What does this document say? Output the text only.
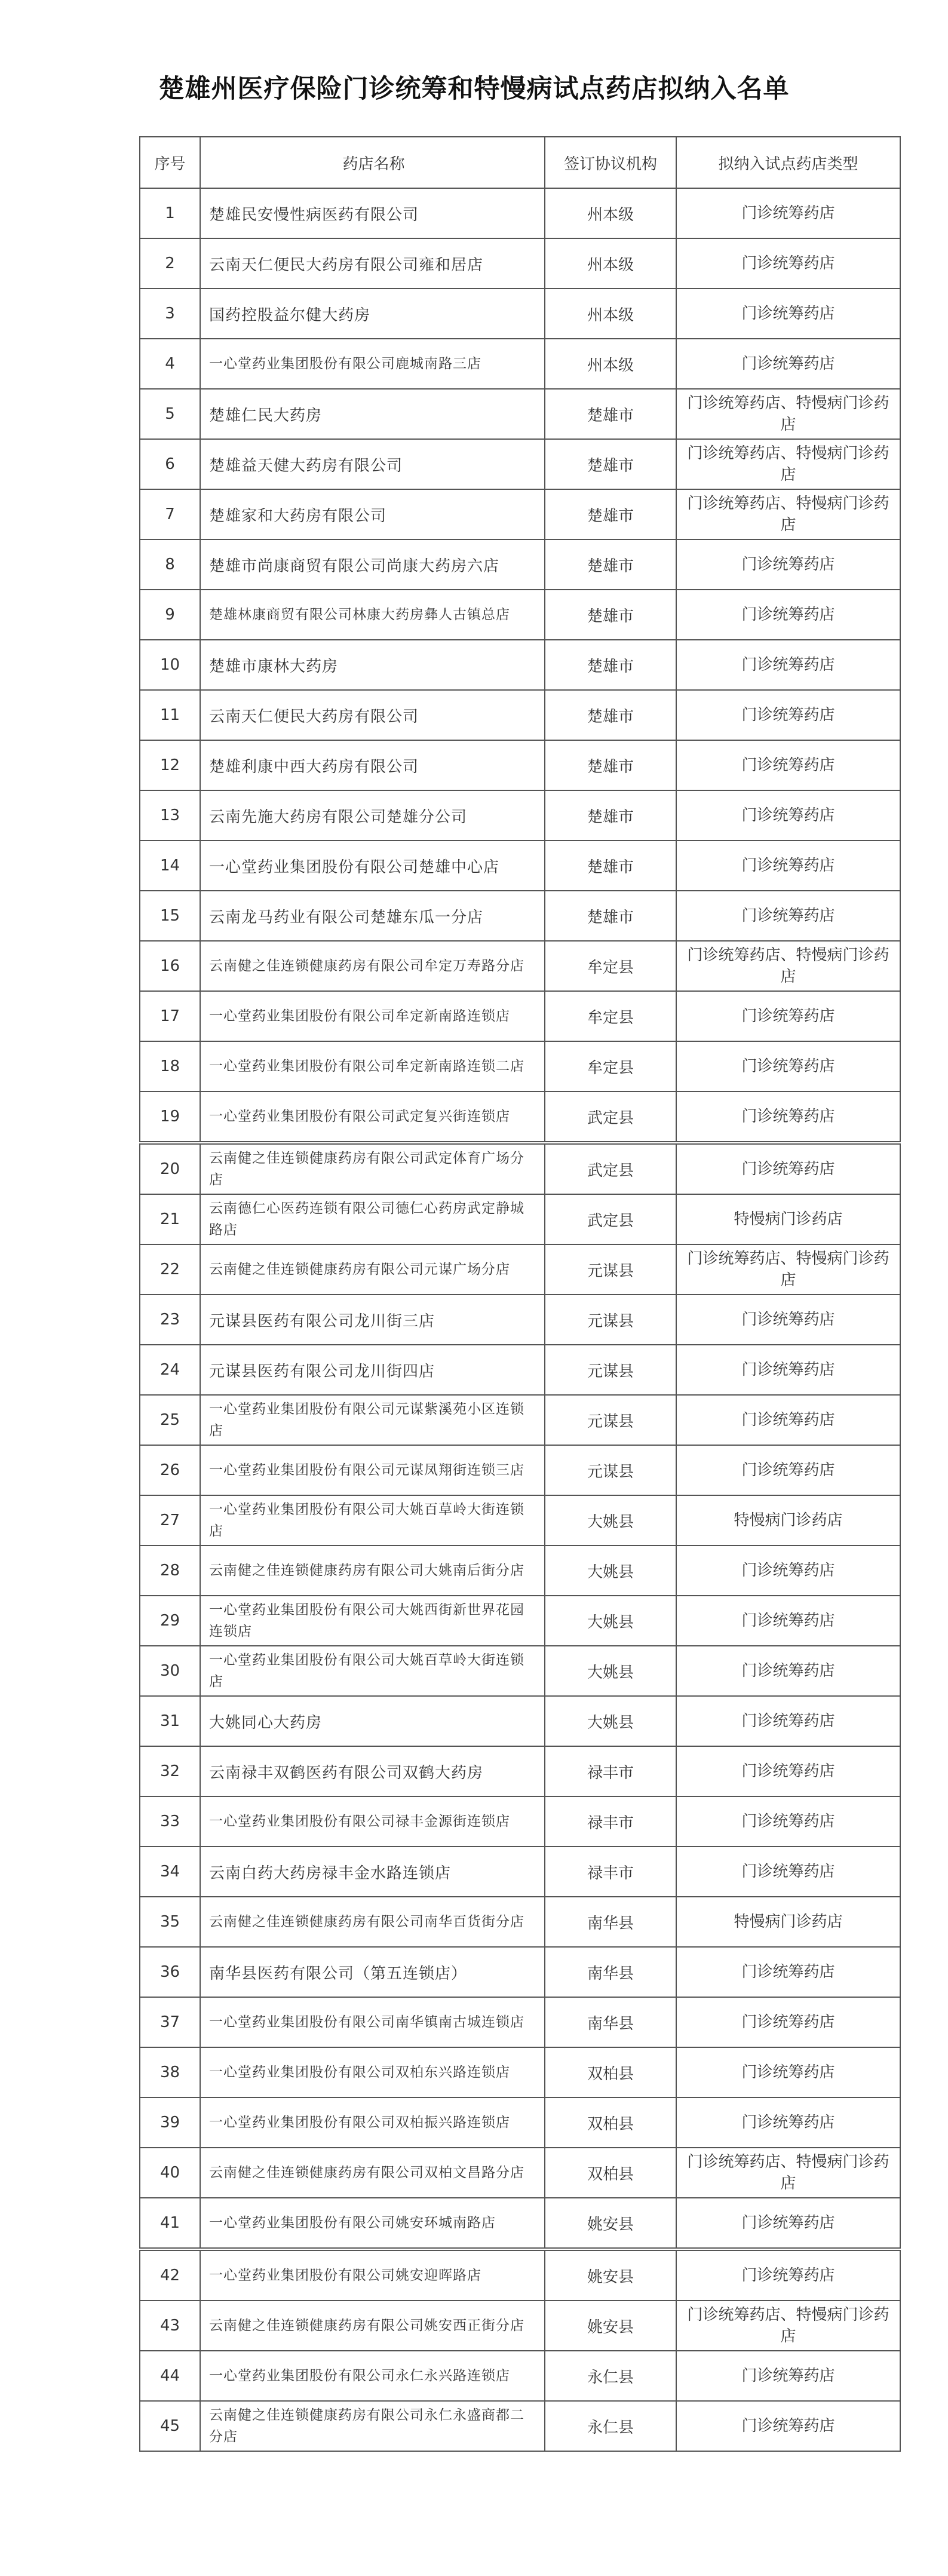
楚雄州医疗保险门诊统筹和特慢病试点药店拟纳入名单
序号	药店名称	签订协议机构	拟纳入试点药店类型
1	楚雄民安慢性病医药有限公司	州本级	门诊统筹药店
2	云南天仁便民大药房有限公司雍和居店	州本级	门诊统筹药店
3	国药控股益尔健大药房	州本级	门诊统筹药店
4	一心堂药业集团股份有限公司鹿城南路三店	州本级	门诊统筹药店
5	楚雄仁民大药房	楚雄市	门诊统筹药店、特慢病门诊药店
6	楚雄益天健大药房有限公司	楚雄市	门诊统筹药店、特慢病门诊药店
7	楚雄家和大药房有限公司	楚雄市	门诊统筹药店、特慢病门诊药店
8	楚雄市尚康商贸有限公司尚康大药房六店	楚雄市	门诊统筹药店
9	楚雄林康商贸有限公司林康大药房彝人古镇总店	楚雄市	门诊统筹药店
10	楚雄市康林大药房	楚雄市	门诊统筹药店
11	云南天仁便民大药房有限公司	楚雄市	门诊统筹药店
12	楚雄利康中西大药房有限公司	楚雄市	门诊统筹药店
13	云南先施大药房有限公司楚雄分公司	楚雄市	门诊统筹药店
14	一心堂药业集团股份有限公司楚雄中心店	楚雄市	门诊统筹药店
15	云南龙马药业有限公司楚雄东瓜一分店	楚雄市	门诊统筹药店
16	云南健之佳连锁健康药房有限公司牟定万寿路分店	牟定县	门诊统筹药店、特慢病门诊药店
17	一心堂药业集团股份有限公司牟定新南路连锁店	牟定县	门诊统筹药店
18	一心堂药业集团股份有限公司牟定新南路连锁二店	牟定县	门诊统筹药店
19	一心堂药业集团股份有限公司武定复兴街连锁店	武定县	门诊统筹药店
20	云南健之佳连锁健康药房有限公司武定体育广场分店	武定县	门诊统筹药店
21	云南德仁心医药连锁有限公司德仁心药房武定静城路店	武定县	特慢病门诊药店
22	云南健之佳连锁健康药房有限公司元谋广场分店	元谋县	门诊统筹药店、特慢病门诊药店
23	元谋县医药有限公司龙川街三店	元谋县	门诊统筹药店
24	元谋县医药有限公司龙川街四店	元谋县	门诊统筹药店
25	一心堂药业集团股份有限公司元谋紫溪苑小区连锁店	元谋县	门诊统筹药店
26	一心堂药业集团股份有限公司元谋凤翔街连锁三店	元谋县	门诊统筹药店
27	一心堂药业集团股份有限公司大姚百草岭大街连锁店	大姚县	特慢病门诊药店
28	云南健之佳连锁健康药房有限公司大姚南后街分店	大姚县	门诊统筹药店
29	一心堂药业集团股份有限公司大姚西街新世界花园连锁店	大姚县	门诊统筹药店
30	一心堂药业集团股份有限公司大姚百草岭大街连锁店	大姚县	门诊统筹药店
31	大姚同心大药房	大姚县	门诊统筹药店
32	云南禄丰双鹤医药有限公司双鹤大药房	禄丰市	门诊统筹药店
33	一心堂药业集团股份有限公司禄丰金源街连锁店	禄丰市	门诊统筹药店
34	云南白药大药房禄丰金水路连锁店	禄丰市	门诊统筹药店
35	云南健之佳连锁健康药房有限公司南华百货街分店	南华县	特慢病门诊药店
36	南华县医药有限公司（第五连锁店）	南华县	门诊统筹药店
37	一心堂药业集团股份有限公司南华镇南古城连锁店	南华县	门诊统筹药店
38	一心堂药业集团股份有限公司双柏东兴路连锁店	双柏县	门诊统筹药店
39	一心堂药业集团股份有限公司双柏振兴路连锁店	双柏县	门诊统筹药店
40	云南健之佳连锁健康药房有限公司双柏文昌路分店	双柏县	门诊统筹药店、特慢病门诊药店
41	一心堂药业集团股份有限公司姚安环城南路店	姚安县	门诊统筹药店
42	一心堂药业集团股份有限公司姚安迎晖路店	姚安县	门诊统筹药店
43	云南健之佳连锁健康药房有限公司姚安西正街分店	姚安县	门诊统筹药店、特慢病门诊药店
44	一心堂药业集团股份有限公司永仁永兴路连锁店	永仁县	门诊统筹药店
45	云南健之佳连锁健康药房有限公司永仁永盛商都二分店	永仁县	门诊统筹药店
